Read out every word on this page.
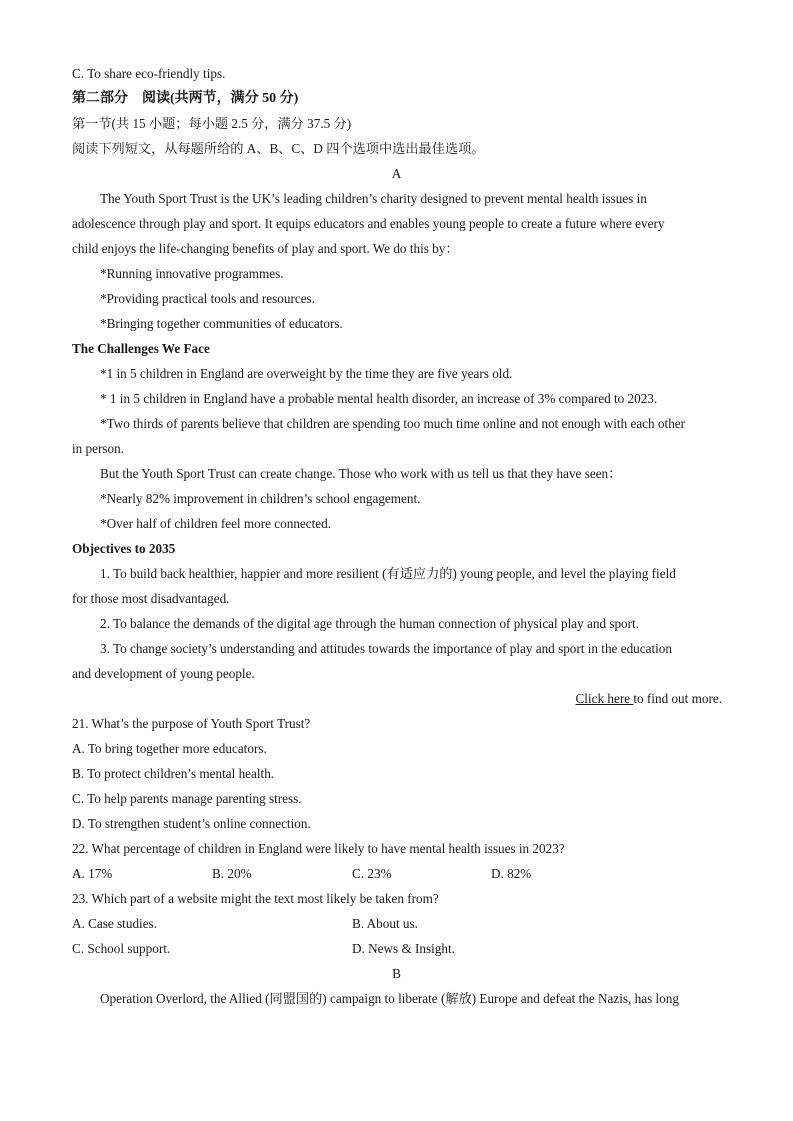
C. To share eco-friendly tips.
第二部分　阅读(共两节，满分 50 分)
第一节(共 15 小题；每小题 2.5 分，满分 37.5 分)
阅读下列短文，从每题所给的 A、B、C、D 四个选项中选出最佳选项。
A
The Youth Sport Trust is the UK’s leading children’s charity designed to prevent mental health issues in
adolescence through play and sport. It equips educators and enables young people to create a future where every
child enjoys the life-changing benefits of play and sport. We do this by：
*Running innovative programmes.
*Providing practical tools and resources.
*Bringing together communities of educators.
The Challenges We Face
*1 in 5 children in England are overweight by the time they are five years old.
* 1 in 5 children in England have a probable mental health disorder, an increase of 3% compared to 2023.
*Two thirds of parents believe that children are spending too much time online and not enough with each other
in person.
But the Youth Sport Trust can create change. Those who work with us tell us that they have seen：
*Nearly 82% improvement in children’s school engagement.
*Over half of children feel more connected.
Objectives to 2035
1. To build back healthier, happier and more resilient (有适应力的) young people, and level the playing field
for those most disadvantaged.
2. To balance the demands of the digital age through the human connection of physical play and sport.
3. To change society’s understanding and attitudes towards the importance of play and sport in the education
and development of young people.
Click here to find out more.
21. What’s the purpose of Youth Sport Trust?
A. To bring together more educators.
B. To protect children’s mental health.
C. To help parents manage parenting stress.
D. To strengthen student’s online connection.
22. What percentage of children in England were likely to have mental health issues in 2023?
A. 17%	B. 20%	C. 23%	D. 82%
23. Which part of a website might the text most likely be taken from?
A. Case studies.	B. About us.
C. School support.	D. News & Insight.
B
Operation Overlord, the Allied (同盟国的) campaign to liberate (解放) Europe and defeat the Nazis, has long
